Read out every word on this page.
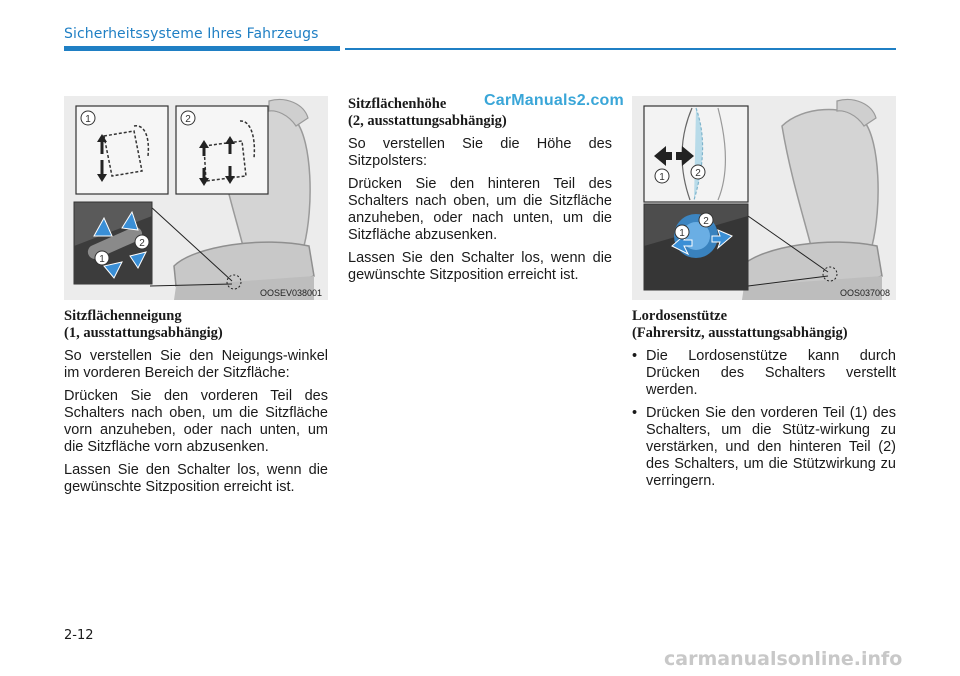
Sicherheitssysteme Ihres Fahrzeugs
1	2
1
2
OOSEV038001
Sitzflächenneigung
(1, ausstattungsabhängig)

So verstellen Sie den Neigungs-winkel im vorderen Bereich der Sitzfläche:

Drücken Sie den vorderen Teil des Schalters nach oben, um die Sitzfläche vorn anzuheben, oder nach unten, um die Sitzfläche vorn abzusenken.

Lassen Sie den Schalter los, wenn die gewünschte Sitzposition erreicht ist.

Sitzflächenhöhe
(2, ausstattungsabhängig)

So verstellen Sie die Höhe des Sitzpolsters:

Drücken Sie den hinteren Teil des Schalters nach oben, um die Sitzfläche anzuheben, oder nach unten, um die Sitzfläche abzusenken.

Lassen Sie den Schalter los, wenn die gewünschte Sitzposition erreicht ist.

CarManuals2.com
1	2
1
2
OOS037008
Lordosenstütze
(Fahrersitz, ausstattungsabhängig)
• Die Lordosenstütze kann durch Drücken des Schalters verstellt werden.
• Drücken Sie den vorderen Teil (1) des Schalters, um die Stütz-wirkung zu verstärken, und den hinteren Teil (2) des Schalters, um die Stützwirkung zu verringern.
2-12
carmanualsonline.info
